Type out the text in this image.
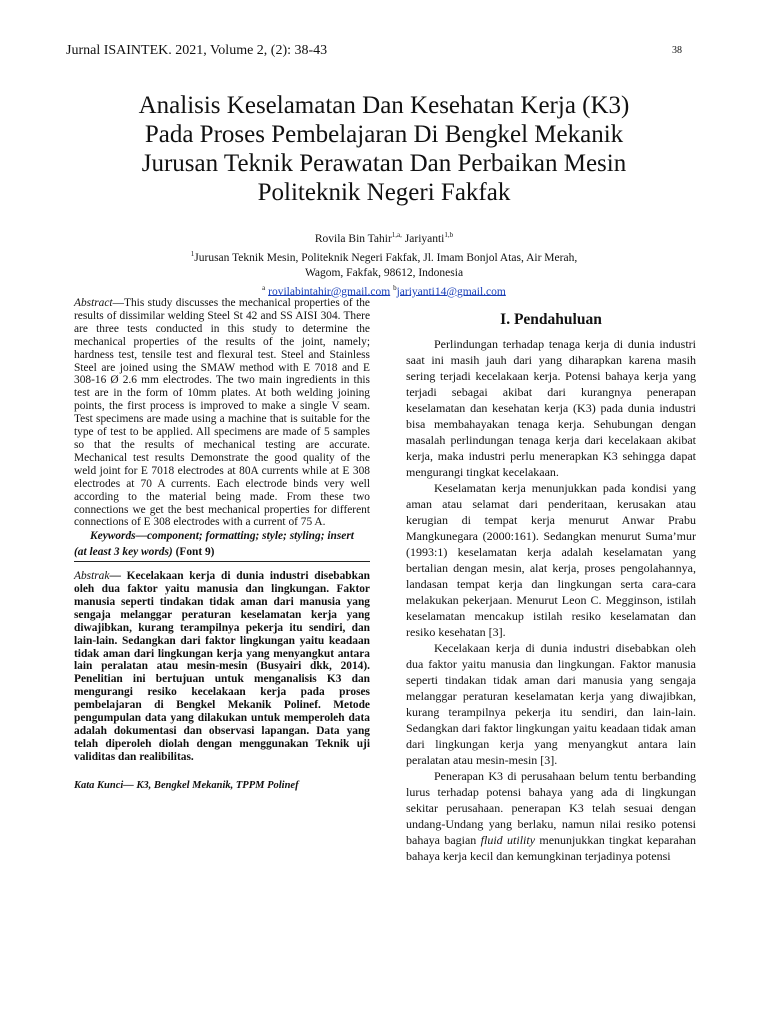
Jurnal ISAINTEK. 2021, Volume 2, (2): 38-43	38
Analisis Keselamatan Dan Kesehatan Kerja (K3)
Pada Proses Pembelajaran Di Bengkel Mekanik
Jurusan Teknik Perawatan Dan Perbaikan Mesin
Politeknik Negeri Fakfak
Rovila Bin Tahir$^{1,a,}$ Jariyanti$^{1,b}$
$^1$Jurusan Teknik Mesin, Politeknik Negeri Fakfak, Jl. Imam Bonjol Atas, Air Merah,
Wagom, Fakfak, 98612, Indonesia
$^a$ rovilabintahir@gmail.com $^b$jariyanti14@gmail.com

Abstract—This study discusses the mechanical properties of the results of dissimilar welding Steel St 42 and SS AISI 304. There are three tests conducted in this study to determine the mechanical properties of the results of the joint, namely; hardness test, tensile test and flexural test. Steel and Stainless Steel are joined using the SMAW method with E 7018 and E 308-16 Ø 2.6 mm electrodes. The two main ingredients in this test are in the form of 10mm plates. At both welding joining points, the first process is improved to make a single V seam. Test specimens are made using a machine that is suitable for the type of test to be applied. All specimens are made of 5 samples so that the results of mechanical testing are accurate. Mechanical test results Demonstrate the good quality of the weld joint for E 7018 electrodes at 80A currents while at E 308 electrodes at 70 A currents. Each electrode binds very well according to the material being made. From these two connections we get the best mechanical properties for different connections of E 308 electrodes with a current of 75 A.

Keywords—component; formatting; style; styling; insert

(at least 3 key words) (Font 9)

Abstrak— Kecelakaan kerja di dunia industri disebabkan oleh dua faktor yaitu manusia dan lingkungan. Faktor manusia seperti tindakan tidak aman dari manusia yang sengaja melanggar peraturan keselamatan kerja yang diwajibkan, kurang terampilnya pekerja itu sendiri, dan lain-lain. Sedangkan dari faktor lingkungan yaitu keadaan tidak aman dari lingkungan kerja yang menyangkut antara lain peralatan atau mesin-mesin (Busyairi dkk, 2014). Penelitian ini bertujuan untuk menganalisis K3 dan mengurangi resiko kecelakaan kerja pada proses pembelajaran di Bengkel Mekanik Polinef. Metode pengumpulan data yang dilakukan untuk memperoleh data adalah dokumentasi dan observasi lapangan. Data yang telah diperoleh diolah dengan menggunakan Teknik uji validitas dan realibilitas.

Kata Kunci— K3, Bengkel Mekanik, TPPM Polinef

I. Pendahuluan

Perlindungan terhadap tenaga kerja di dunia industri saat ini masih jauh dari yang diharapkan karena masih sering terjadi kecelakaan kerja. Potensi bahaya kerja yang terjadi sebagai akibat dari kurangnya penerapan keselamatan dan kesehatan kerja (K3) pada dunia industri bisa membahayakan tenaga kerja. Sehubungan dengan masalah perlindungan tenaga kerja dari kecelakaan akibat kerja, maka industri perlu menerapkan K3 sehingga dapat mengurangi tingkat kecelakaan.

Keselamatan kerja menunjukkan pada kondisi yang aman atau selamat dari penderitaan, kerusakan atau kerugian di tempat kerja menurut Anwar Prabu Mangkunegara (2000:161). Sedangkan menurut Suma’mur (1993:1) keselamatan kerja adalah keselamatan yang bertalian dengan mesin, alat kerja, proses pengolahannya, landasan tempat kerja dan lingkungan serta cara-cara melakukan pekerjaan. Menurut Leon C. Megginson, istilah keselamatan mencakup istilah resiko keselamatan dan resiko kesehatan [3].

Kecelakaan kerja di dunia industri disebabkan oleh dua faktor yaitu manusia dan lingkungan. Faktor manusia seperti tindakan tidak aman dari manusia yang sengaja melanggar peraturan keselamatan kerja yang diwajibkan, kurang terampilnya pekerja itu sendiri, dan lain-lain. Sedangkan dari faktor lingkungan yaitu keadaan tidak aman dari lingkungan kerja yang menyangkut antara lain peralatan atau mesin-mesin [3].

Penerapan K3 di perusahaan belum tentu berbanding lurus terhadap potensi bahaya yang ada di lingkungan sekitar perusahaan. penerapan K3 telah sesuai dengan undang-Undang yang berlaku, namun nilai resiko potensi bahaya bagian fluid utility menunjukkan tingkat keparahan bahaya kerja kecil dan kemungkinan terjadinya potensi
